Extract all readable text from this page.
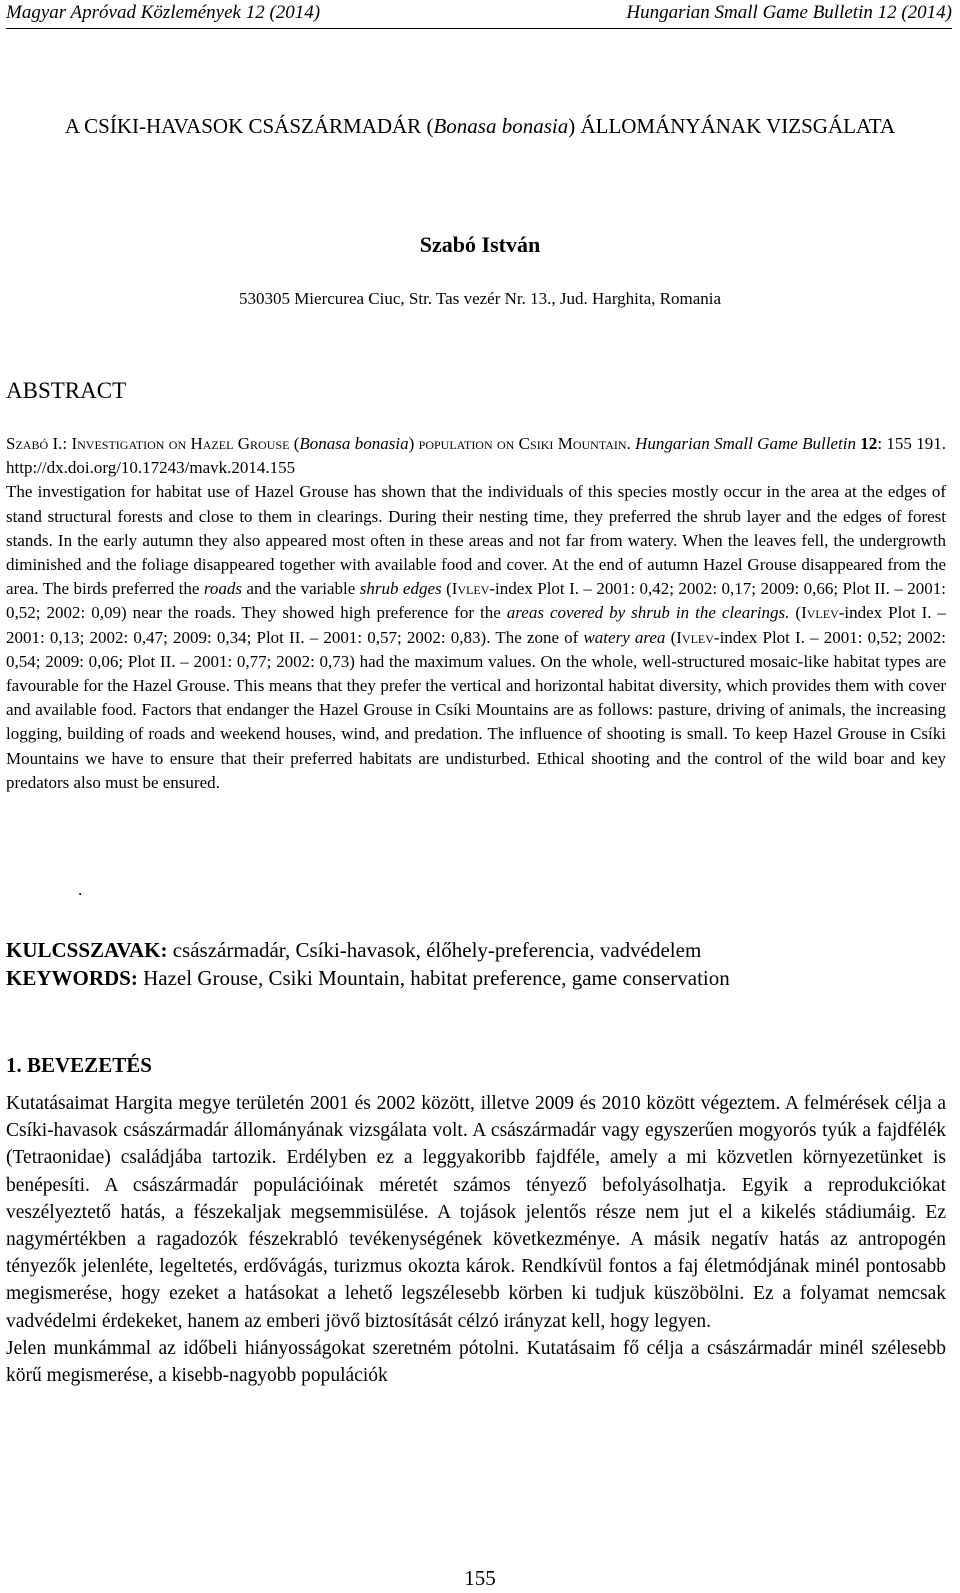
Magyar Apróvad Közlemények 12 (2014)	Hungarian Small Game Bulletin 12 (2014)
A CSÍKI-HAVASOK CSÁSZÁRMADÁR (Bonasa bonasia) ÁLLOMÁNYÁNAK VIZSGÁLATA
Szabó István
530305 Miercurea Ciuc, Str. Tas vezér Nr. 13., Jud. Harghita, Romania
ABSTRACT

Szabó I.: Investigation on Hazel Grouse (Bonasa bonasia) population on Csiki Mountain. Hungarian Small Game Bulletin 12: 155 191. http://dx.doi.org/10.17243/mavk.2014.155

The investigation for habitat use of Hazel Grouse has shown that the individuals of this species mostly occur in the area at the edges of stand structural forests and close to them in clearings. During their nesting time, they preferred the shrub layer and the edges of forest stands. In the early autumn they also appeared most often in these areas and not far from watery. When the leaves fell, the undergrowth diminished and the foliage disappeared together with available food and cover. At the end of autumn Hazel Grouse disappeared from the area. The birds preferred the roads and the variable shrub edges (Ivlev-index Plot I. – 2001: 0,42; 2002: 0,17; 2009: 0,66; Plot II. – 2001: 0,52; 2002: 0,09) near the roads. They showed high preference for the areas covered by shrub in the clearings. (Ivlev-index Plot I. – 2001: 0,13; 2002: 0,47; 2009: 0,34; Plot II. – 2001: 0,57; 2002: 0,83). The zone of watery area (Ivlev-index Plot I. – 2001: 0,52; 2002: 0,54; 2009: 0,06; Plot II. – 2001: 0,77; 2002: 0,73) had the maximum values. On the whole, well-structured mosaic-like habitat types are favourable for the Hazel Grouse. This means that they prefer the vertical and horizontal habitat diversity, which provides them with cover and available food. Factors that endanger the Hazel Grouse in Csíki Mountains are as follows: pasture, driving of animals, the increasing logging, building of roads and weekend houses, wind, and predation. The influence of shooting is small. To keep Hazel Grouse in Csíki Mountains we have to ensure that their preferred habitats are undisturbed. Ethical shooting and the control of the wild boar and key predators also must be ensured.

.
KULCSSZAVAK: császármadár, Csíki-havasok, élőhely-preferencia, vadvédelem
KEYWORDS: Hazel Grouse, Csiki Mountain, habitat preference, game conservation
1. BEVEZETÉS

Kutatásaimat Hargita megye területén 2001 és 2002 között, illetve 2009 és 2010 között végeztem. A felmérések célja a Csíki-havasok császármadár állományának vizsgálata volt. A császármadár vagy egyszerűen mogyorós tyúk a fajdfélék (Tetraonidae) családjába tartozik. Erdélyben ez a leggyakoribb fajdféle, amely a mi közvetlen környezetünket is benépesíti. A császármadár populációinak méretét számos tényező befolyásolhatja. Egyik a reprodukciókat veszélyeztető hatás, a fészekaljak megsemmisülése. A tojások jelentős része nem jut el a kikelés stádiumáig. Ez nagymértékben a ragadozók fészekrabló tevékenységének következménye. A másik negatív hatás az antropogén tényezők jelenléte, legeltetés, erdővágás, turizmus okozta károk. Rendkívül fontos a faj életmódjának minél pontosabb megismerése, hogy ezeket a hatásokat a lehető legszélesebb körben ki tudjuk küszöbölni. Ez a folyamat nemcsak vadvédelmi érdekeket, hanem az emberi jövő biztosítását célzó irányzat kell, hogy legyen.

Jelen munkámmal az időbeli hiányosságokat szeretném pótolni. Kutatásaim fő célja a császármadár minél szélesebb körű megismerése, a kisebb-nagyobb populációk

155
